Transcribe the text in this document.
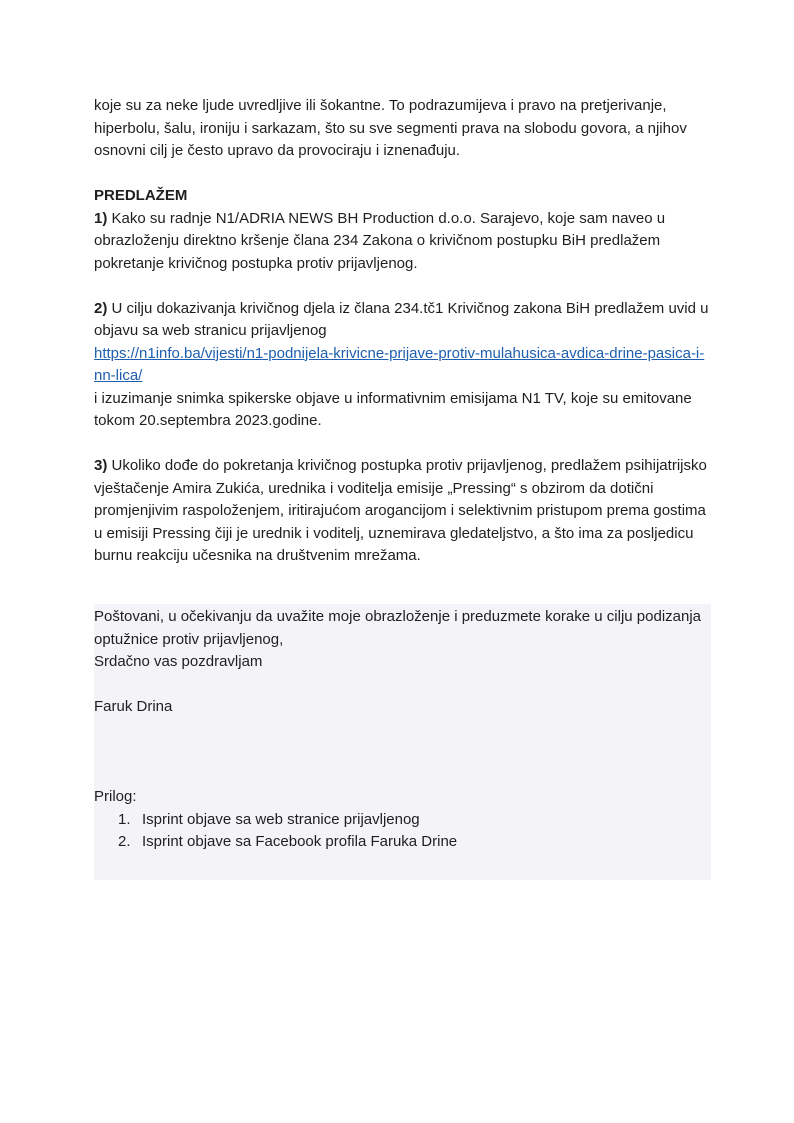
koje su za neke ljude uvredljive ili šokantne. To podrazumijeva i pravo na pretjerivanje, hiperbolu, šalu, ironiju i sarkazam, što su sve segmenti prava na slobodu govora, a njihov osnovni cilj je često upravo da provociraju i iznenađuju.

PREDLAŽEM

1) Kako su radnje N1/ADRIA NEWS BH Production d.o.o. Sarajevo, koje sam naveo u obrazloženju direktno kršenje člana 234 Zakona o krivičnom postupku BiH predlažem pokretanje krivičnog postupka protiv prijavljenog.

2) U cilju dokazivanja krivičnog djela iz člana 234.tč1 Krivičnog zakona BiH predlažem uvid u objavu sa web stranicu prijavljenog

https://n1info.ba/vijesti/n1-podnijela-krivicne-prijave-protiv-mulahusica-avdica-drine-pasica-i-nn-lica/

i izuzimanje snimka spikerske objave u informativnim emisijama N1 TV, koje su emitovane tokom 20.septembra 2023.godine.

3) Ukoliko dođe do pokretanja krivičnog postupka protiv prijavljenog, predlažem psihijatrijsko vještačenje Amira Zukića, urednika i voditelja emisije „Pressing“ s obzirom da dotični promjenjivim raspoloženjem, iritirajućom arogancijom i selektivnim pristupom prema gostima u emisiji Pressing čiji je urednik i voditelj, uznemirava gledateljstvo, a što ima za posljedicu burnu reakciju učesnika na društvenim mrežama.

Poštovani, u očekivanju da uvažite moje obrazloženje i preduzmete korake u cilju podizanja optužnice protiv prijavljenog,

Srdačno vas pozdravljam

Faruk Drina

Prilog:

1. Isprint objave sa web stranice prijavljenog
2. Isprint objave sa Facebook profila Faruka Drine
